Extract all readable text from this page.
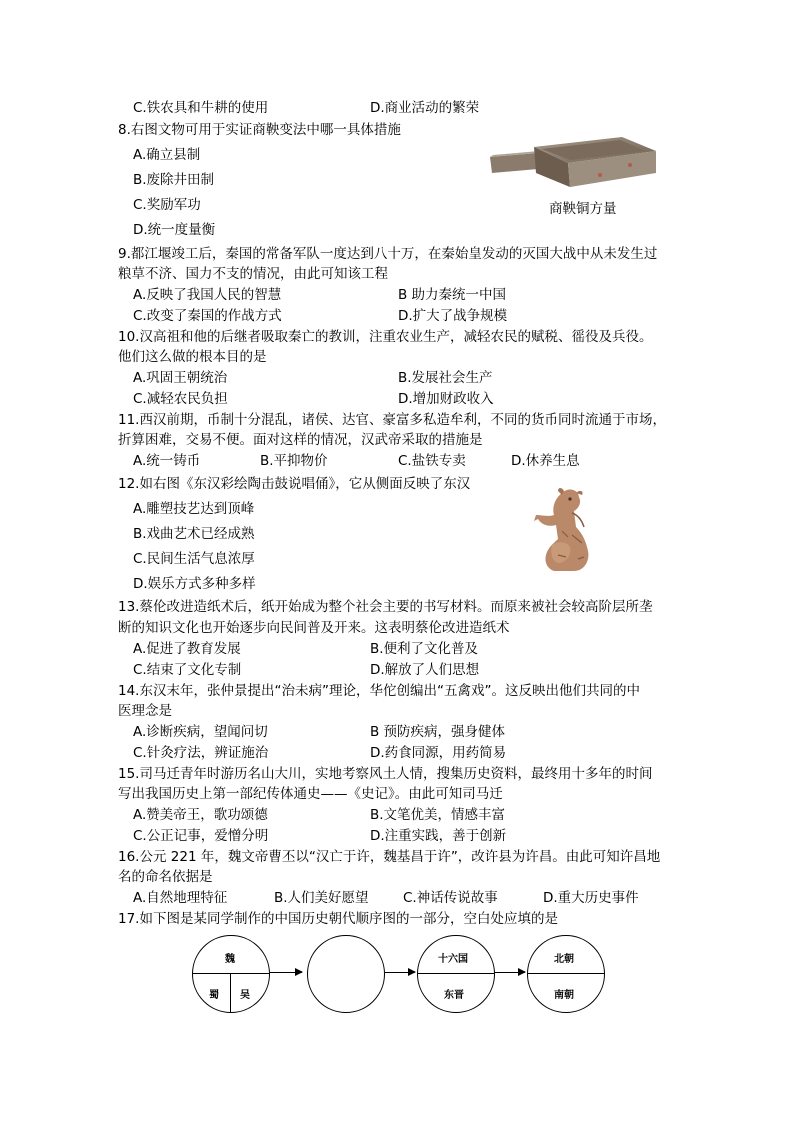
C.铁农具和牛耕的使用	D.商业活动的繁荣
8.右图文物可用于实证商鞅变法中哪一具体措施
A.确立县制
B.废除井田制
C.奖励军功
D.统一度量衡
商鞅铜方量
9.都江堰竣工后，秦国的常备军队一度达到八十万，在秦始皇发动的灭国大战中从未发生过
粮草不济、国力不支的情况，由此可知该工程
A.反映了我国人民的智慧	B 助力秦统一中国
C.改变了秦国的作战方式	D.扩大了战争规模
10.汉高祖和他的后继者吸取秦亡的教训，注重农业生产，减轻农民的赋税、徭役及兵役。
他们这么做的根本目的是
A.巩固王朝统治	B.发展社会生产
C.减轻农民负担	D.增加财政收入
11.西汉前期，币制十分混乱，诸侯、达官、豪富多私造牟利，不同的货币同时流通于市场，
折算困难，交易不便。面对这样的情况，汉武帝采取的措施是
A.统一铸币	B.平抑物价	C.盐铁专卖	D.休养生息
12.如右图《东汉彩绘陶击鼓说唱俑》，它从侧面反映了东汉
A.雕塑技艺达到顶峰
B.戏曲艺术已经成熟
C.民间生活气息浓厚
D.娱乐方式多种多样
13.蔡伦改进造纸术后，纸开始成为整个社会主要的书写材料。而原来被社会较高阶层所垄
断的知识文化也开始逐步向民间普及开来。这表明蔡伦改进造纸术
A.促进了教育发展	B.便利了文化普及
C.结束了文化专制	D.解放了人们思想
14.东汉末年，张仲景提出“治未病”理论，华佗创编出“五禽戏”。这反映出他们共同的中
医理念是
A.诊断疾病，望闻问切	B 预防疾病，强身健体
C.针灸疗法，辨证施治	D.药食同源，用药简易
15.司马迁青年时游历名山大川，实地考察风土人情，搜集历史资料，最终用十多年的时间
写出我国历史上第一部纪传体通史——《史记》。由此可知司马迁
A.赞美帝王，歌功颂德	B.文笔优美，情感丰富
C.公正记事，爱憎分明	D.注重实践，善于创新
16.公元 221 年，魏文帝曹丕以“汉亡于许，魏基昌于许”，改许县为许昌。由此可知许昌地
名的命名依据是
A.自然地理特征	B.人们美好愿望	C.神话传说故事	D.重大历史事件
17.如下图是某同学制作的中国历史朝代顺序图的一部分，空白处应填的是
魏
蜀 吴
十六国
东晋
北朝
南朝
